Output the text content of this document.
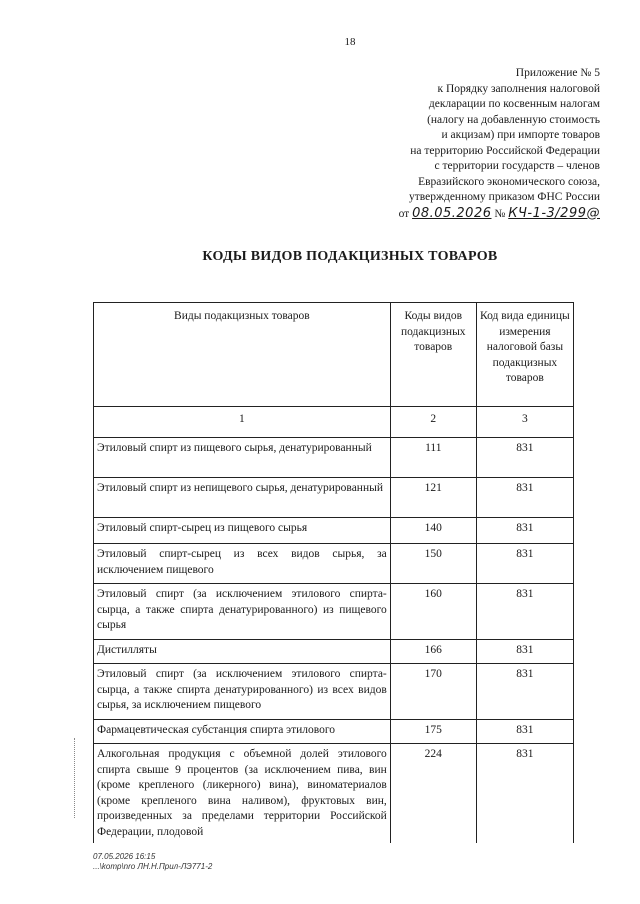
18
Приложение № 5
к Порядку заполнения налоговой
декларации по косвенным налогам
(налогу на добавленную стоимость
и акцизам) при импорте товаров
на территорию Российской Федерации
с территории государств – членов
Евразийского экономического союза,
утвержденному приказом ФНС России
от 08.05.2026 № КЧ-1-3/299@
КОДЫ ВИДОВ ПОДАКЦИЗНЫХ ТОВАРОВ
Виды подакцизных товаров	Коды видов подакцизных товаров	Код вида единицы измерения налоговой базы подакцизных товаров
1	2	3
Этиловый спирт из пищевого сырья, денатурированный	111	831
Этиловый спирт из непищевого сырья, денатурированный	121	831
Этиловый спирт-сырец из пищевого сырья	140	831
Этиловый спирт-сырец из всех видов сырья, за исключением пищевого	150	831
Этиловый спирт (за исключением этилового спирта-сырца, а также спирта денатурированного) из пищевого сырья	160	831
Дистилляты	166	831
Этиловый спирт (за исключением этилового спирта-сырца, а также спирта денатурированного) из всех видов сырья, за исключением пищевого	170	831
Фармацевтическая субстанция спирта этилового	175	831
Алкогольная продукция с объемной долей этилового спирта свыше 9 процентов (за исключением пива, вин (кроме крепленого (ликерного) вина), виноматериалов (кроме крепленого вина наливом), фруктовых вин, произведенных за пределами территории Российской Федерации, плодовой	224	831
07.05.2026 16:15
...\komp\nro ЛН.Н.Прил-ЛЭ771-2
